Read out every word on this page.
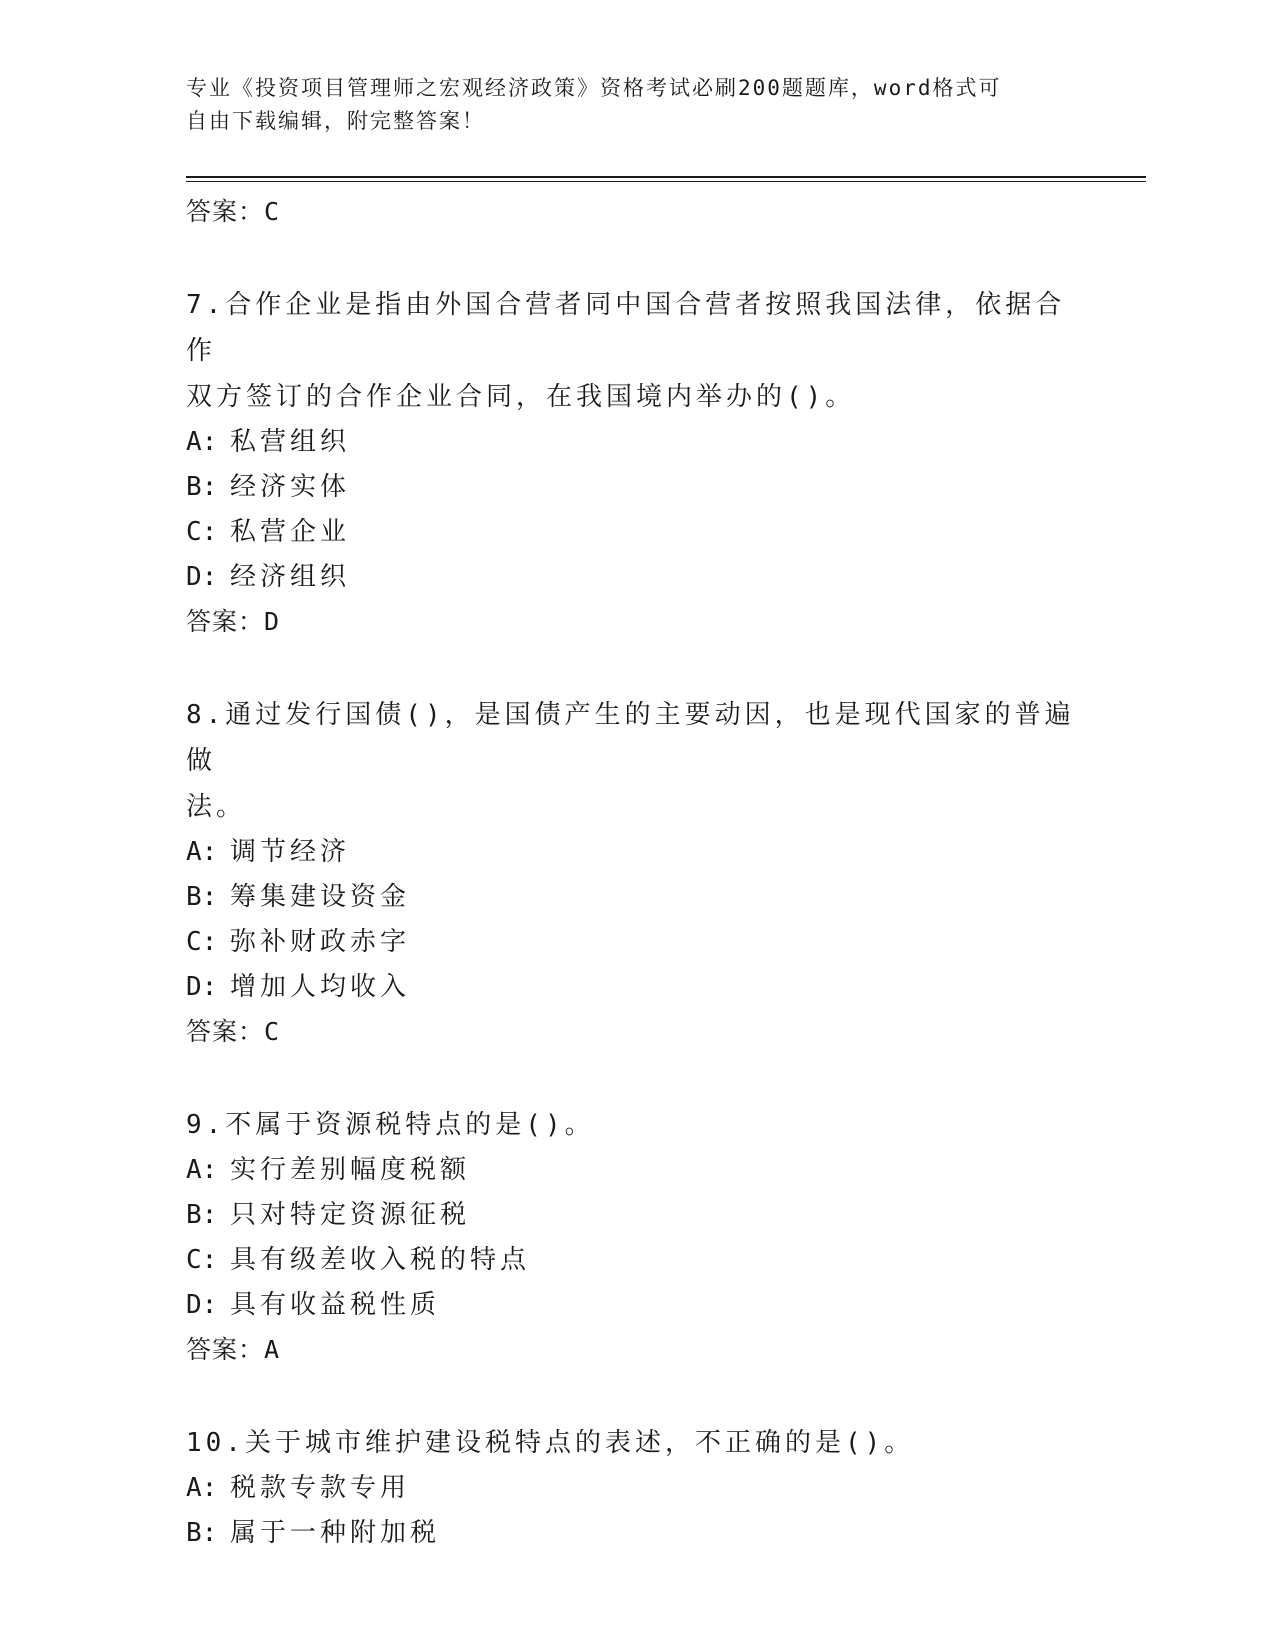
专业《投资项目管理师之宏观经济政策》资格考试必刷200题题库，word格式可
自由下载编辑，附完整答案！
答案：C
7.合作企业是指由外国合营者同中国合营者按照我国法律，依据合作
双方签订的合作企业合同，在我国境内举办的()。
A: 私营组织
B: 经济实体
C: 私营企业
D: 经济组织
答案：D
8.通过发行国债()，是国债产生的主要动因，也是现代国家的普遍做
法。
A: 调节经济
B: 筹集建设资金
C: 弥补财政赤字
D: 增加人均收入
答案：C
9.不属于资源税特点的是()。
A: 实行差别幅度税额
B: 只对特定资源征税
C: 具有级差收入税的特点
D: 具有收益税性质
答案：A
10.关于城市维护建设税特点的表述，不正确的是()。
A: 税款专款专用
B: 属于一种附加税
